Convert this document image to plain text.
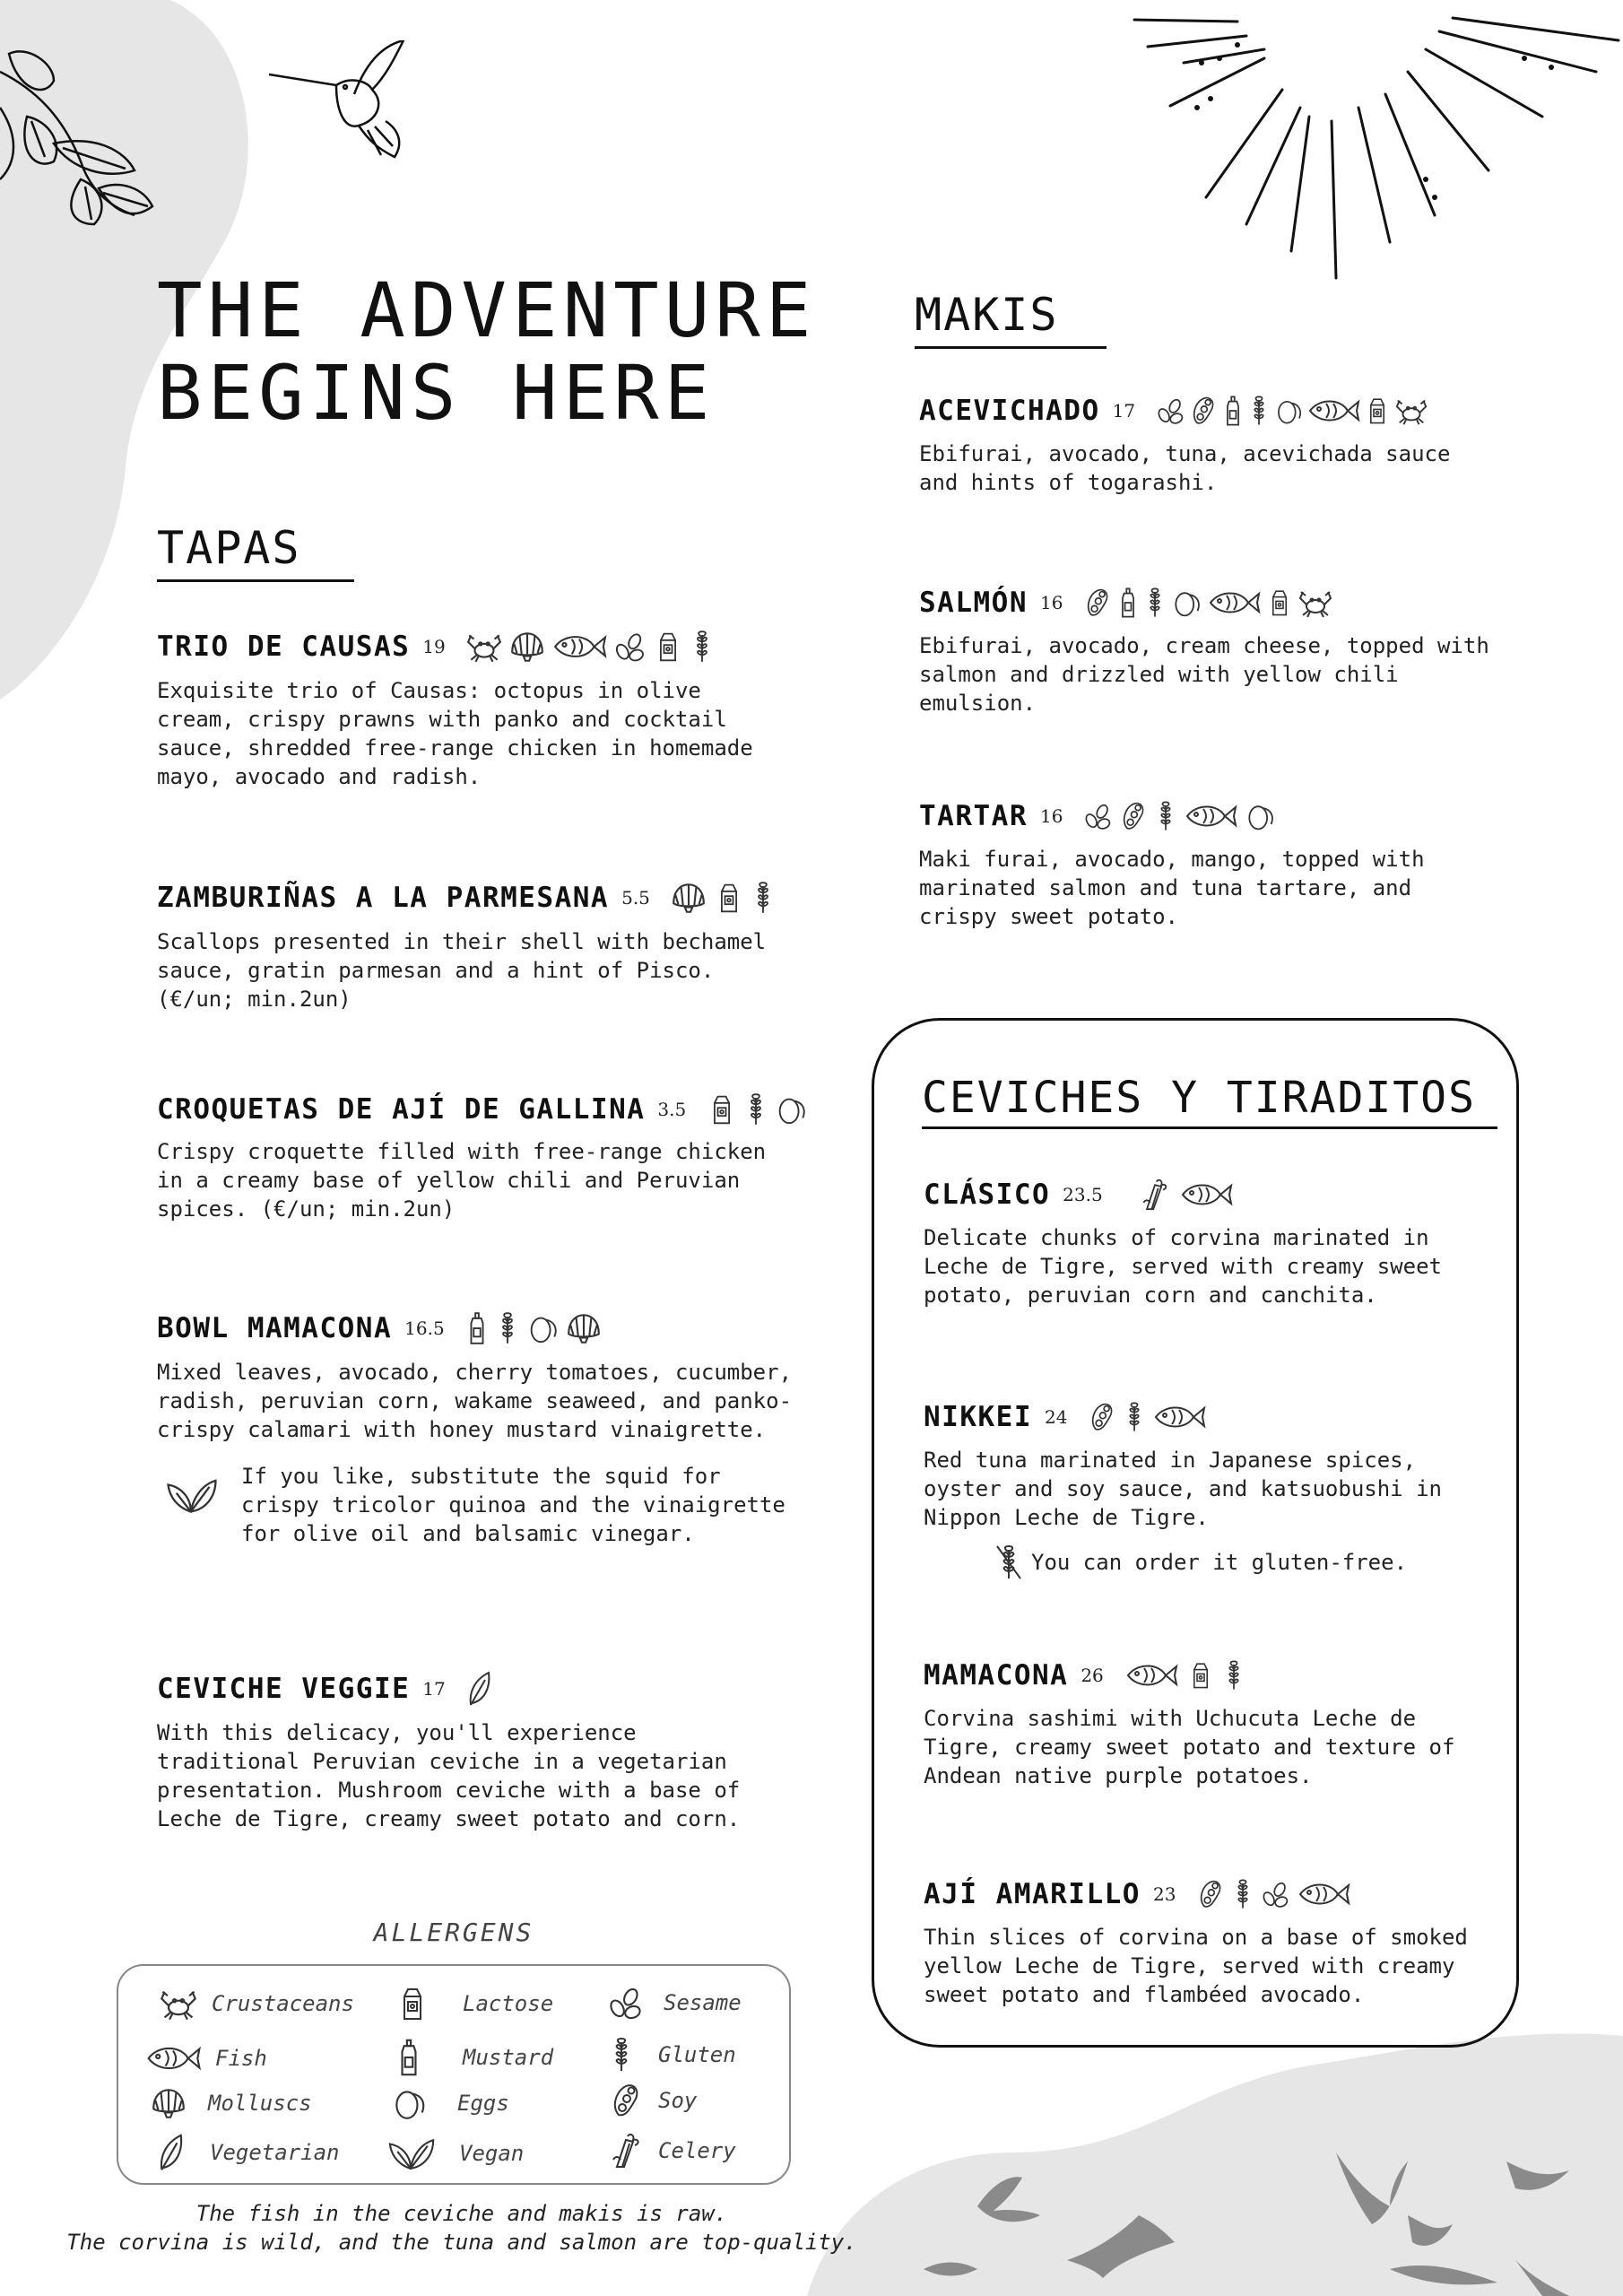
THE ADVENTURE
BEGINS HERE
TAPAS
TRIO DE CAUSAS 19
Exquisite trio of Causas: octopus in olive cream, crispy prawns with panko and cocktail sauce, shredded free-range chicken in homemade mayo, avocado and radish.
ZAMBURIÑAS A LA PARMESANA 5.5
Scallops presented in their shell with bechamel sauce, gratin parmesan and a hint of Pisco. (€/un; min.2un)
CROQUETAS DE AJÍ DE GALLINA 3.5
Crispy croquette filled with free-range chicken in a creamy base of yellow chili and Peruvian spices. (€/un; min.2un)
BOWL MAMACONA 16.5
Mixed leaves, avocado, cherry tomatoes, cucumber, radish, peruvian corn, wakame seaweed, and panko-crispy calamari with honey mustard vinaigrette.
If you like, substitute the squid for crispy tricolor quinoa and the vinaigrette for olive oil and balsamic vinegar.
CEVICHE VEGGIE 17
With this delicacy, you'll experience traditional Peruvian ceviche in a vegetarian presentation. Mushroom ceviche with a base of Leche de Tigre, creamy sweet potato and corn.
MAKIS
ACEVICHADO 17
Ebifurai, avocado, tuna, acevichada sauce and hints of togarashi.
SALMÓN 16
Ebifurai, avocado, cream cheese, topped with salmon and drizzled with yellow chili emulsion.
TARTAR 16
Maki furai, avocado, mango, topped with marinated salmon and tuna tartare, and crispy sweet potato.
CEVICHES Y TIRADITOS
CLÁSICO 23.5
Delicate chunks of corvina marinated in Leche de Tigre, served with creamy sweet potato, peruvian corn and canchita.
NIKKEI 24
Red tuna marinated in Japanese spices, oyster and soy sauce, and katsuobushi in Nippon Leche de Tigre.
You can order it gluten-free.
MAMACONA 26
Corvina sashimi with Uchucuta Leche de Tigre, creamy sweet potato and texture of Andean native purple potatoes.
AJÍ AMARILLO 23
Thin slices of corvina on a base of smoked yellow Leche de Tigre, served with creamy sweet potato and flambéed avocado.
ALLERGENS
Crustaceans	Lactose	Sesame
Fish	Mustard	Gluten
Molluscs	Eggs	Soy
Vegetarian	Vegan	Celery
The fish in the ceviche and makis is raw.
The corvina is wild, and the tuna and salmon are top-quality.
